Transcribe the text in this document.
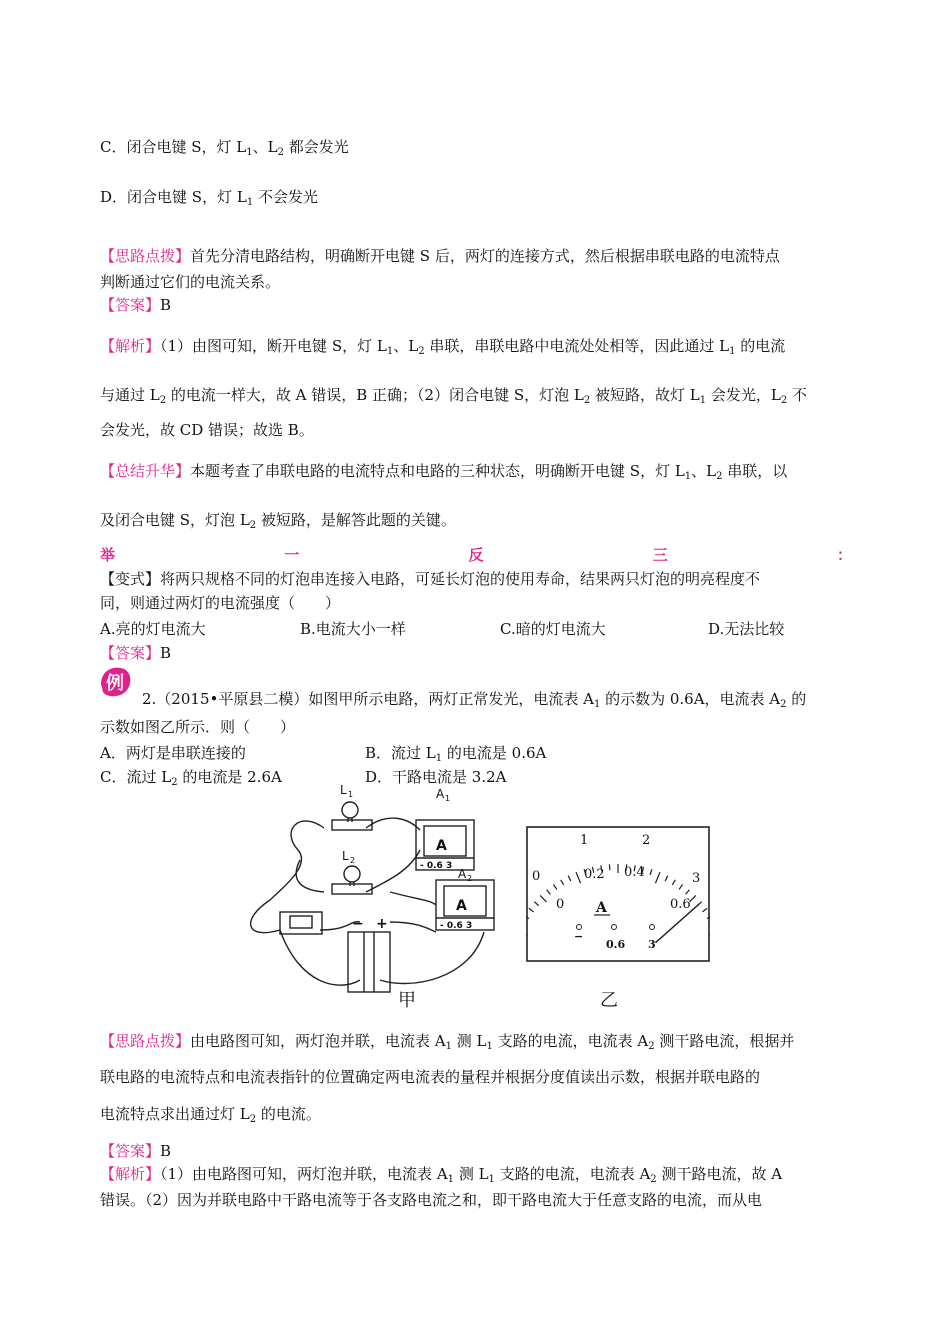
C．闭合电键 S，灯 $L_1$、$L_2$ 都会发光
D．闭合电键 S，灯 $L_1$ 不会发光
【思路点拨】首先分清电路结构，明确断开电键 S 后，两灯的连接方式，然后根据串联电路的电流特点
判断通过它们的电流关系。
【答案】B
【解析】（1）由图可知，断开电键 S，灯 $L_1$、$L_2$ 串联，串联电路中电流处处相等，因此通过 $L_1$ 的电流
与通过 $L_2$ 的电流一样大，故 A 错误，B 正确；（2）闭合电键 S，灯泡 $L_2$ 被短路，故灯 $L_1$ 会发光，$L_2$ 不
会发光，故 CD 错误；故选 B。
【总结升华】本题考查了串联电路的电流特点和电路的三种状态，明确断开电键 S，灯 $L_1$、$L_2$ 串联，以
及闭合电键 S，灯泡 $L_2$ 被短路，是解答此题的关键。
举	一	反	三	：
【变式】将两只规格不同的灯泡串连接入电路，可延长灯泡的使用寿命，结果两只灯泡的明亮程度不
同，则通过两灯的电流强度（　　）
A.亮的灯电流大	B.电流大小一样	C.暗的灯电流大	D.无法比较
【答案】B
例
2.（2015•平原县二模）如图甲所示电路，两灯正常发光，电流表 $A_1$ 的示数为 0.6A，电流表 $A_2$ 的
示数如图乙所示．则（　　）
A．两灯是串联连接的	B．流过 $L_1$ 的电流是 0.6A
C．流过 $L_2$ 的电流是 2.6A	D．干路电流是 3.2A
L 1
L 2
A 1
A 2
A
A
- 0.6 3
- 0.6 3
− +
甲
0
1	2
3
0
0.2 0.4
0.6
A
−
0.6 3
乙
【思路点拨】由电路图可知，两灯泡并联，电流表 $A_1$ 测 $L_1$ 支路的电流，电流表 $A_2$ 测干路电流，根据并
联电路的电流特点和电流表指针的位置确定两电流表的量程并根据分度值读出示数，根据并联电路的
电流特点求出通过灯 $L_2$ 的电流。
【答案】B
【解析】（1）由电路图可知，两灯泡并联，电流表 $A_1$ 测 $L_1$ 支路的电流，电流表 $A_2$ 测干路电流，故 A
错误。（2）因为并联电路中干路电流等于各支路电流之和，即干路电流大于任意支路的电流，而从电
